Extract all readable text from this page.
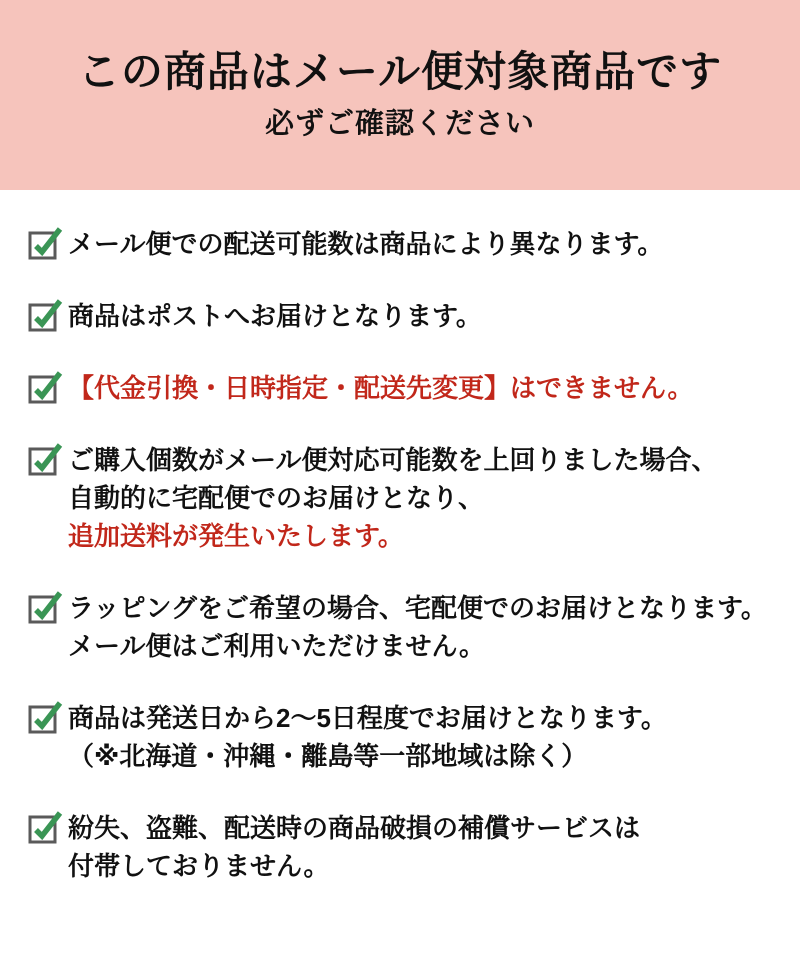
この商品はメール便対象商品です

必ずご確認ください

メール便での配送可能数は商品により異なります。
商品はポストへお届けとなります。
【代金引換・日時指定・配送先変更】はできません。
ご購入個数がメール便対応可能数を上回りました場合、
自動的に宅配便でのお届けとなり、
追加送料が発生いたします。
ラッピングをご希望の場合、宅配便でのお届けとなります。
メール便はご利用いただけません。
商品は発送日から2〜5日程度でお届けとなります。
（※北海道・沖縄・離島等一部地域は除く）
紛失、盗難、配送時の商品破損の補償サービスは
付帯しておりません。
